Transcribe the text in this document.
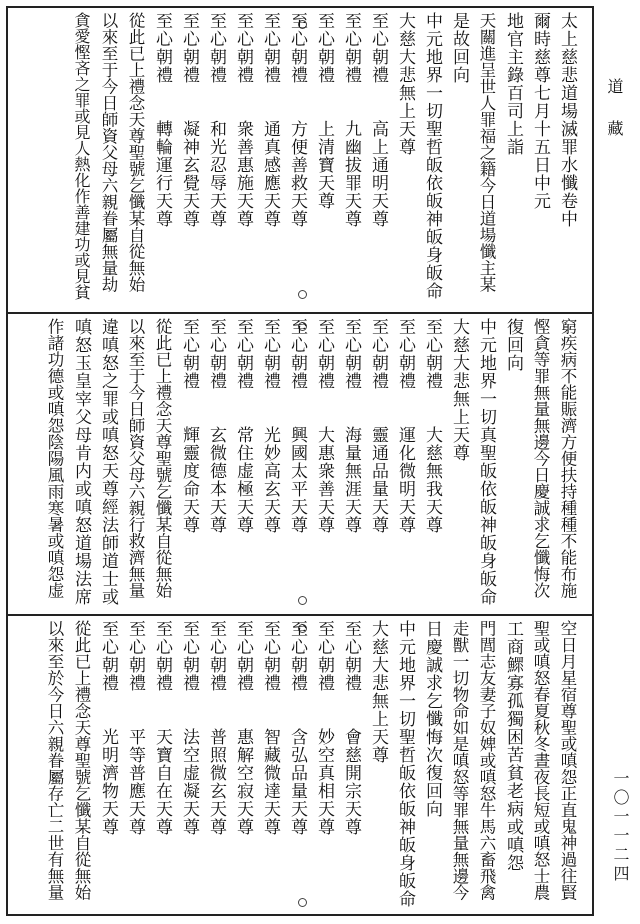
道
藏
一〇一一二四
太上慈悲道場滅罪水懺卷中
爾時慈尊七月十五日中元
地官主錄百司上詣
天關進呈世人罪福之籍今日道場懺主某
是故回向
中元地界一切聖哲皈依皈神皈身皈命
大慈大悲無上天尊
至心朝禮　　高上通明天尊
至心朝禮　　九幽拔罪天尊
至心朝禮　　上清寶天尊
至心朝禮　　方便善救天尊
至心朝禮　　通真感應天尊
至心朝禮　　衆善惠施天尊
至心朝禮　　和光忍辱天尊
至心朝禮　　凝神玄覺天尊
至心朝禮　　轉輪運行天尊
從此已上禮念天尊聖號乞懺某自從無始
以來至于今日師資父母六親眷屬無量劫
貪愛慳吝之罪或見人熱化作善建功或見貧
窮疾病不能賑濟方便扶持種種不能布施
慳貪等罪無量無邊今日慶誠求乞懺悔次
復回向
中元地界一切真聖皈依皈神皈身皈命
大慈大悲無上天尊
至心朝禮　　大慈無我天尊
至心朝禮　　運化微明天尊
至心朝禮　　靈通品量天尊
至心朝禮　　海量無涯天尊
至心朝禮　　大惠衆善天尊
至心朝禮　　興國太平天尊
至心朝禮　　光妙高玄天尊
至心朝禮　　常住虚極天尊
至心朝禮　　玄微德本天尊
至心朝禮　　輝靈度命天尊
從此已上禮念天尊聖號乞懺某自從無始
以來至于今日師資父母六親行救濟無量
違嗔怒之罪或嗔怒天尊經法師道士或
嗔怒玉皇宰父母肯内或嗔怒道場法席
作諸功德或嗔怨陰陽風雨寒暑或嗔怨虚
空日月星宿尊聖或嗔怨正直鬼神過往賢
聖或嗔怒春夏秋冬晝夜長短或嗔怒士農
工商鰥寡孤獨困苦貧老病或嗔怨
門閭志友妻子奴婢或嗔怒牛馬六畜飛禽
走獸一切物命如是嗔怒等罪無量無邊今
日慶誠求乞懺悔次復回向
中元地界一切聖哲皈依皈神皈身皈命
大慈大悲無上天尊
至心朝禮　　會慈開宗天尊
至心朝禮　　妙空真相天尊
至心朝禮　　含弘品量天尊
至心朝禮　　智藏微達天尊
至心朝禮　　惠解空寂天尊
至心朝禮　　普照微玄天尊
至心朝禮　　法空虚凝天尊
至心朝禮　　天寶自在天尊
至心朝禮　　平等普應天尊
至心朝禮　　光明濟物天尊
從此已上禮念天尊聖號乞懺某自從無始
以來至於今日六親眷屬存亡二世有無量
